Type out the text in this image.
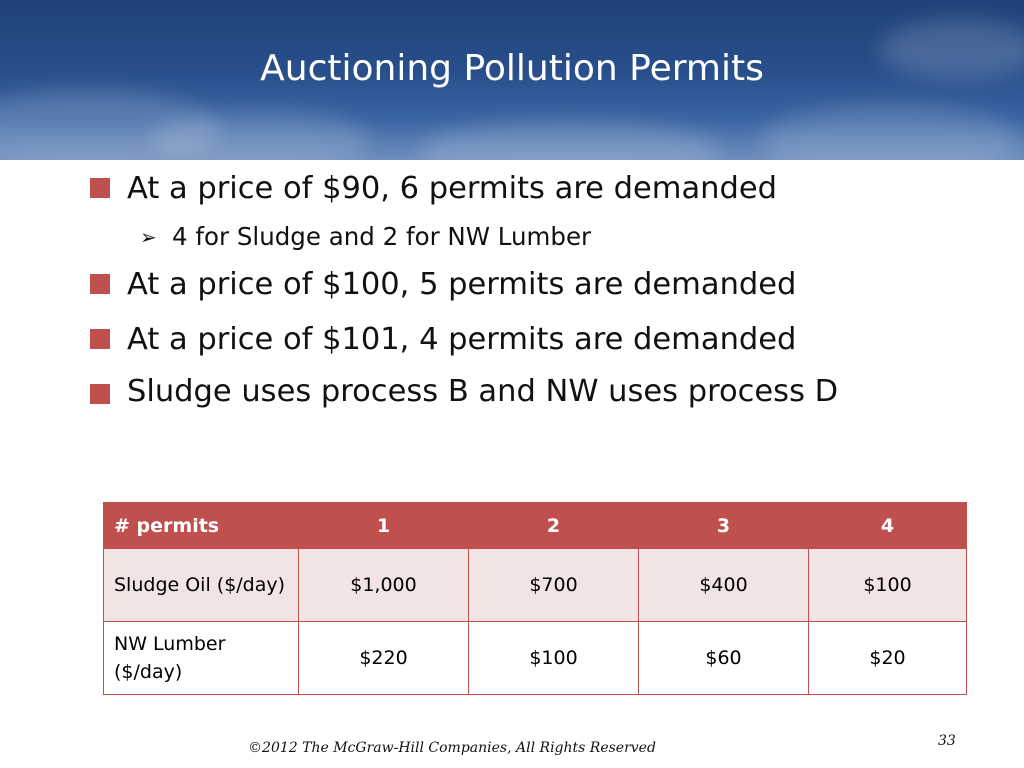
Auctioning Pollution Permits
At a price of $90, 6 permits are demanded
➢ 4 for Sludge and 2 for NW Lumber
At a price of $100, 5 permits are demanded
At a price of $101, 4 permits are demanded
Sludge uses process B and NW uses process D
# permits	1	2	3	4
Sludge Oil ($/day)	$1,000	$700	$400	$100
NW Lumber ($/day)	$220	$100	$60	$20
©2012 The McGraw-Hill Companies, All Rights Reserved	33
